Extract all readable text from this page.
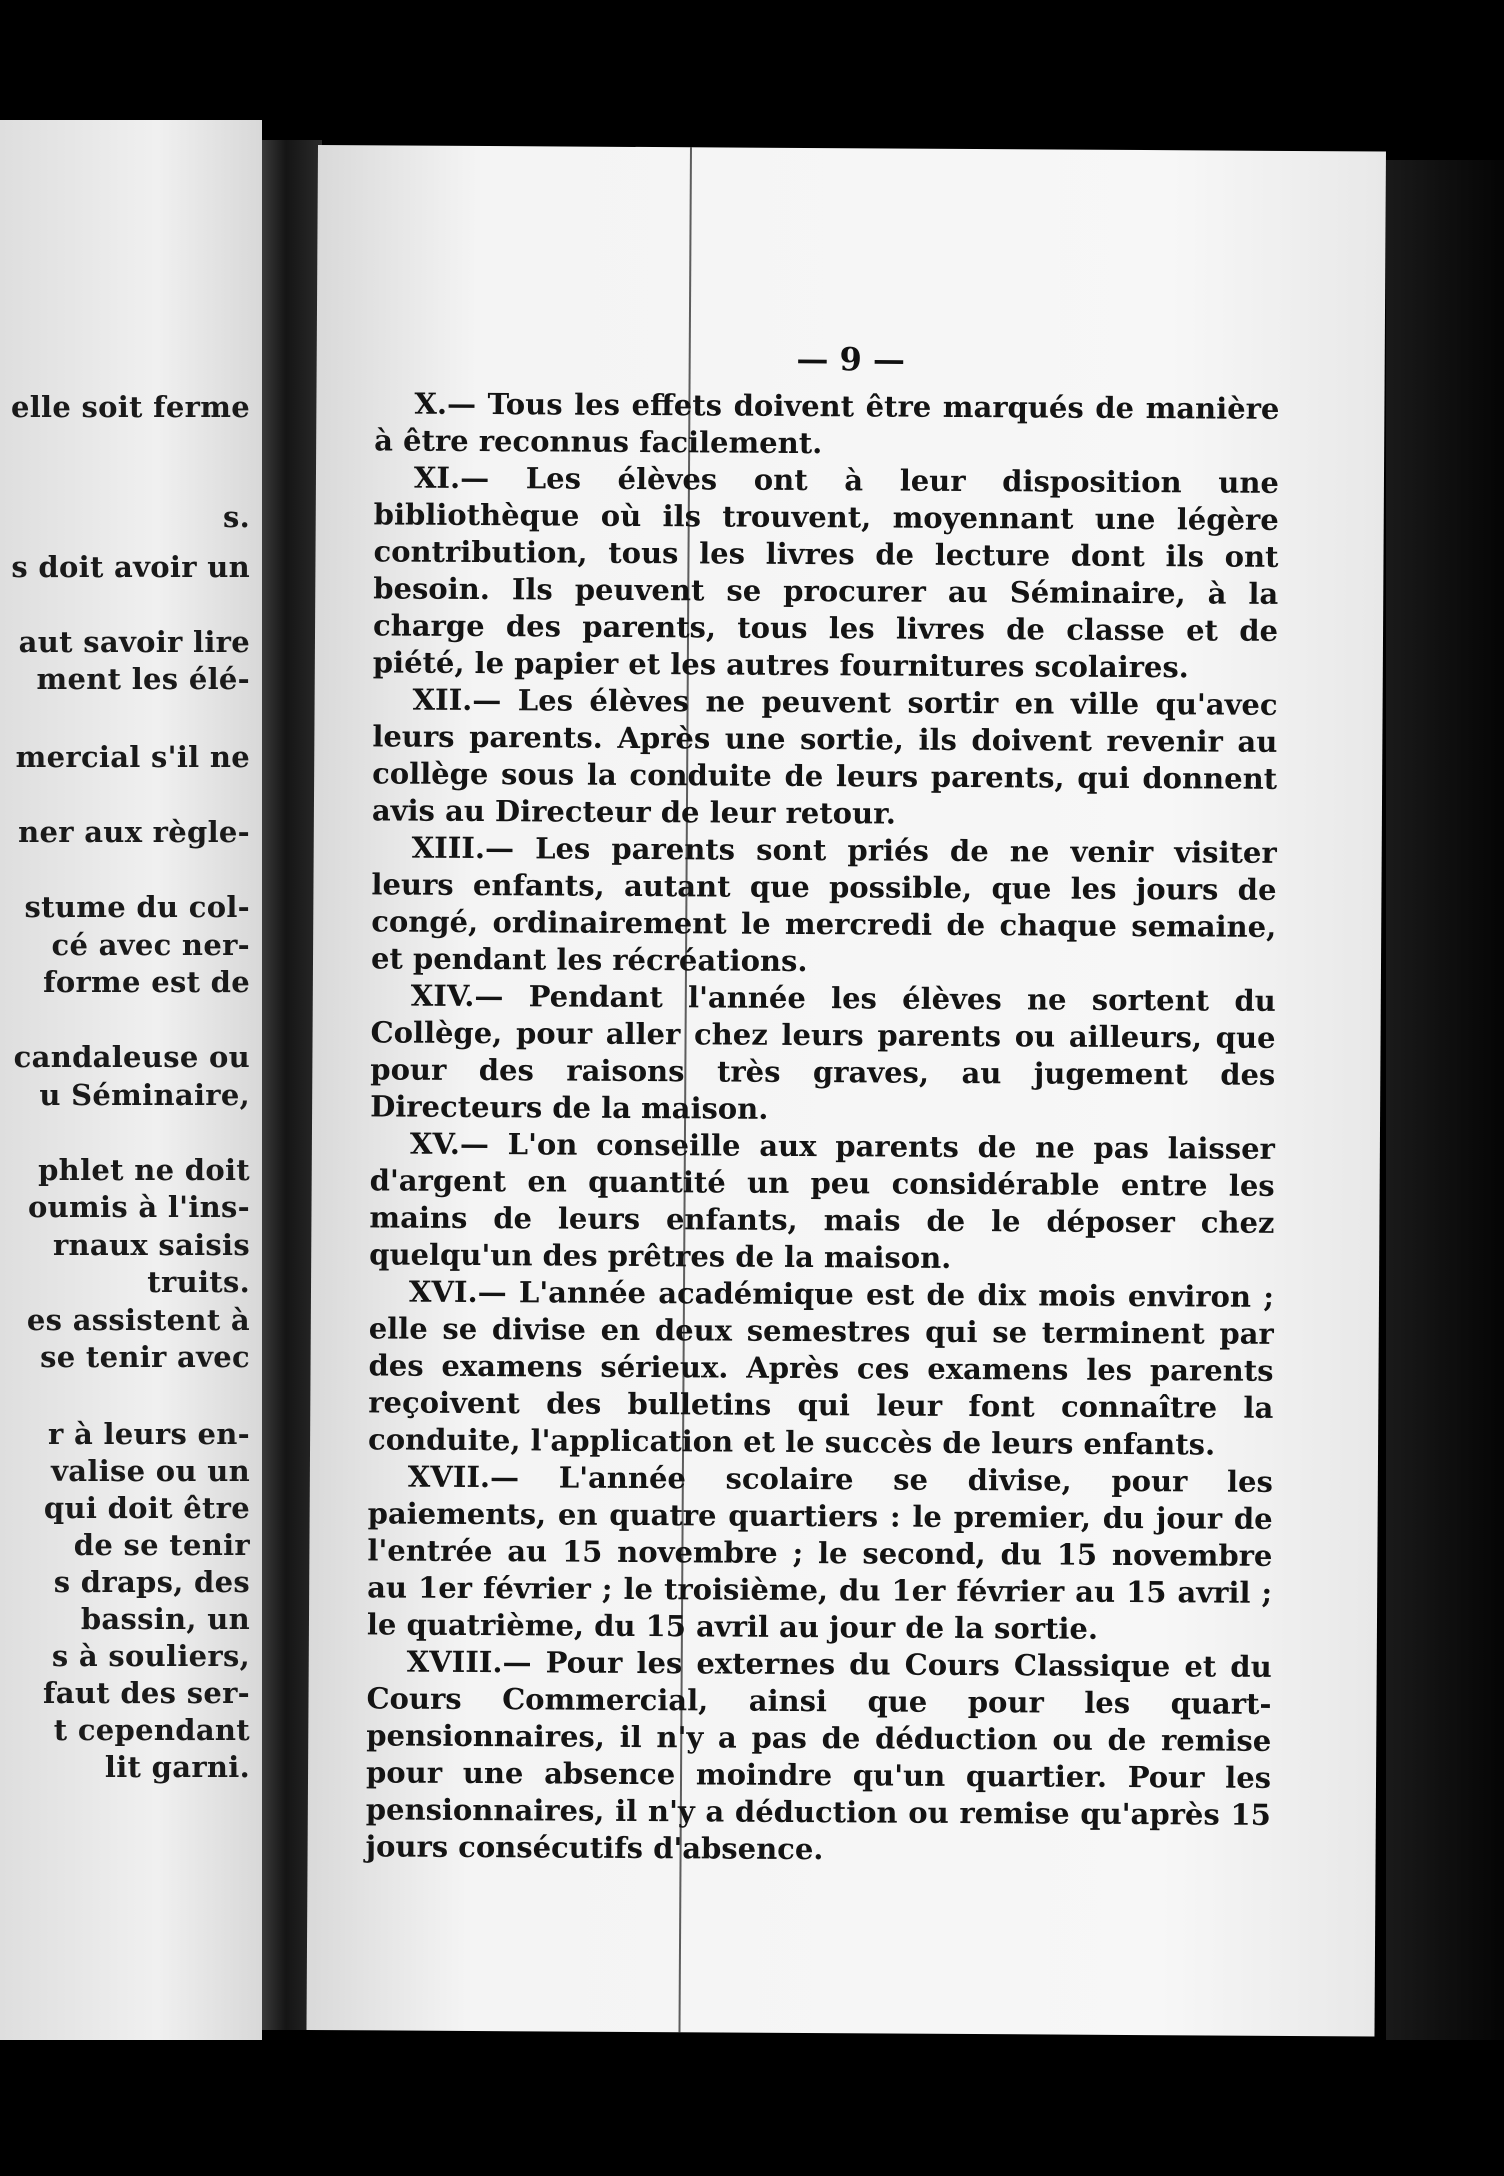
elle soit ferme
s.
s doit avoir un
aut savoir lire
ment les élé-
mercial s'il ne
ner aux règle-
stume du col-
cé avec ner-
forme est de
candaleuse ou
u Séminaire,
phlet ne doit
oumis à l'ins-
rnaux saisis
truits.
es assistent à
se tenir avec
r à leurs en-
valise ou un
qui doit être
de se tenir
s draps, des
bassin, un
s à souliers,
faut des ser-
t cependant
lit garni.
— 9 —

X.— Tous les effets doivent être marqués de manière à être reconnus facilement.

XI.— Les élèves ont à leur disposition une bibliothèque où ils trouvent, moyennant une légère contribution, tous les livres de lecture dont ils ont besoin. Ils peuvent se procurer au Séminaire, à la charge des parents, tous les livres de classe et de piété, le papier et les autres fournitures scolaires.

XII.— Les élèves ne peuvent sortir en ville qu'avec leurs parents. Après une sortie, ils doivent revenir au collège sous la conduite de leurs parents, qui donnent avis au Directeur de leur retour.

XIII.— Les parents sont priés de ne venir visiter leurs enfants, autant que possible, que les jours de congé, ordinairement le mercredi de chaque semaine, et pendant les récréations.

XIV.— Pendant l'année les élèves ne sortent du Collège, pour aller chez leurs parents ou ailleurs, que pour des raisons très graves, au jugement des Directeurs de la maison.

XV.— L'on conseille aux parents de ne pas laisser d'argent en quantité un peu considérable entre les mains de leurs enfants, mais de le déposer chez quelqu'un des prêtres de la maison.

XVI.— L'année académique est de dix mois environ ; elle se divise en deux semestres qui se terminent par des examens sérieux. Après ces examens les parents reçoivent des bulletins qui leur font connaître la conduite, l'application et le succès de leurs enfants.

XVII.— L'année scolaire se divise, pour les paiements, en quatre quartiers : le premier, du jour de l'entrée au 15 novembre ; le second, du 15 novembre au 1er février ; le troisième, du 1er février au 15 avril ; le quatrième, du 15 avril au jour de la sortie.

XVIII.— Pour les externes du Cours Classique et du Cours Commercial, ainsi que pour les quart-pensionnaires, il n'y a pas de déduction ou de remise pour une absence moindre qu'un quartier. Pour les pensionnaires, il n'y a déduction ou remise qu'après 15 jours consécutifs d'absence.
